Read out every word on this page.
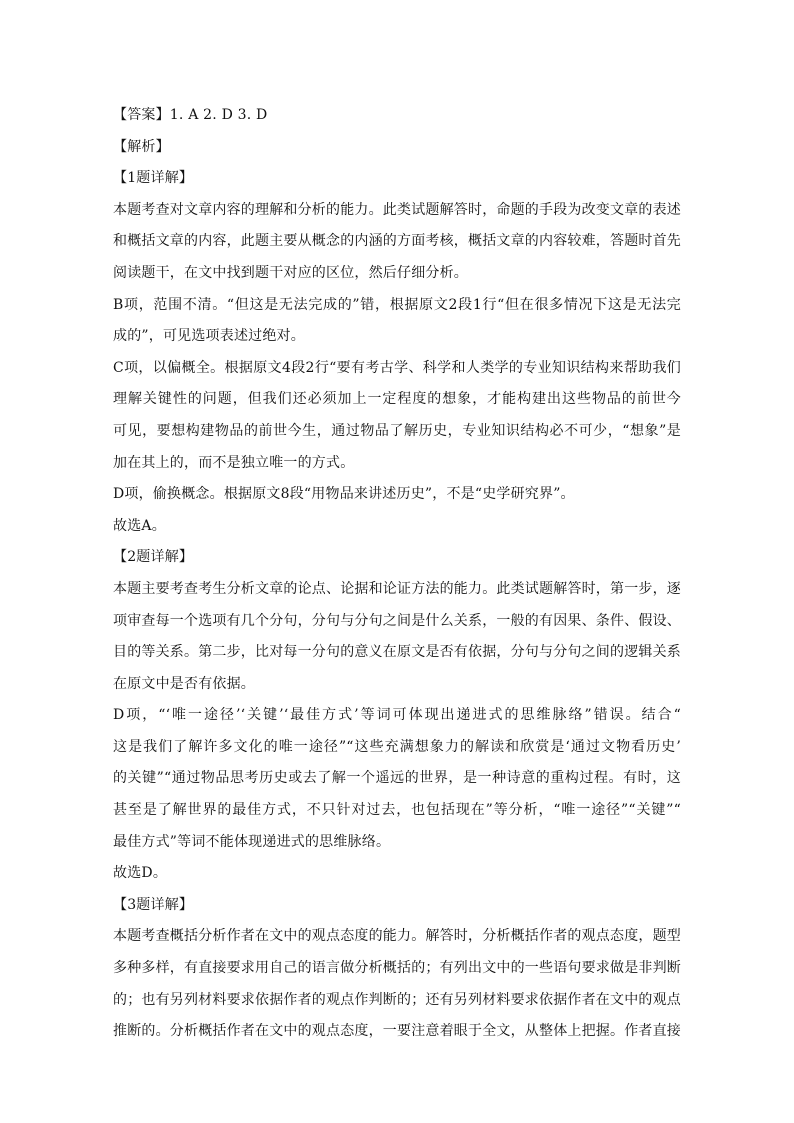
【答案】1. A 2. D 3. D
【解析】
【1题详解】
本题考查对文章内容的理解和分析的能力。此类试题解答时，命题的手段为改变文章的表述
和概括文章的内容，此题主要从概念的内涵的方面考核，概括文章的内容较难，答题时首先
阅读题干，在文中找到题干对应的区位，然后仔细分析。
B项，范围不清。“但这是无法完成的”错，根据原文2段1行“但在很多情况下这是无法完
成的”，可见选项表述过绝对。
C项，以偏概全。根据原文4段2行“要有考古学、科学和人类学的专业知识结构来帮助我们
理解关键性的问题，但我们还必须加上一定程度的想象，才能构建出这些物品的前世今
可见，要想构建物品的前世今生，通过物品了解历史，专业知识结构必不可少，“想象”是
加在其上的，而不是独立唯一的方式。
D项，偷换概念。根据原文8段“用物品来讲述历史”，不是“史学研究界”。
故选A。
【2题详解】
本题主要考查考生分析文章的论点、论据和论证方法的能力。此类试题解答时，第一步，逐
项审查每一个选项有几个分句，分句与分句之间是什么关系，一般的有因果、条件、假设、
目的等关系。第二步，比对每一分句的意义在原文是否有依据，分句与分句之间的逻辑关系
在原文中是否有依据。
D项，“‘唯一途径’‘关键’‘最佳方式’等词可体现出递进式的思维脉络”错误。结合“
这是我们了解许多文化的唯一途径”“这些充满想象力的解读和欣赏是‘通过文物看历史’
的关键”“通过物品思考历史或去了解一个遥远的世界，是一种诗意的重构过程。有时，这
甚至是了解世界的最佳方式，不只针对过去，也包括现在”等分析，“唯一途径”“关键”“
最佳方式”等词不能体现递进式的思维脉络。
故选D。
【3题详解】
本题考查概括分析作者在文中的观点态度的能力。解答时，分析概括作者的观点态度，题型
多种多样，有直接要求用自己的语言做分析概括的；有列出文中的一些语句要求做是非判断
的；也有另列材料要求依据作者的观点作判断的；还有另列材料要求依据作者在文中的观点
推断的。分析概括作者在文中的观点态度，一要注意着眼于全文，从整体上把握。作者直接
